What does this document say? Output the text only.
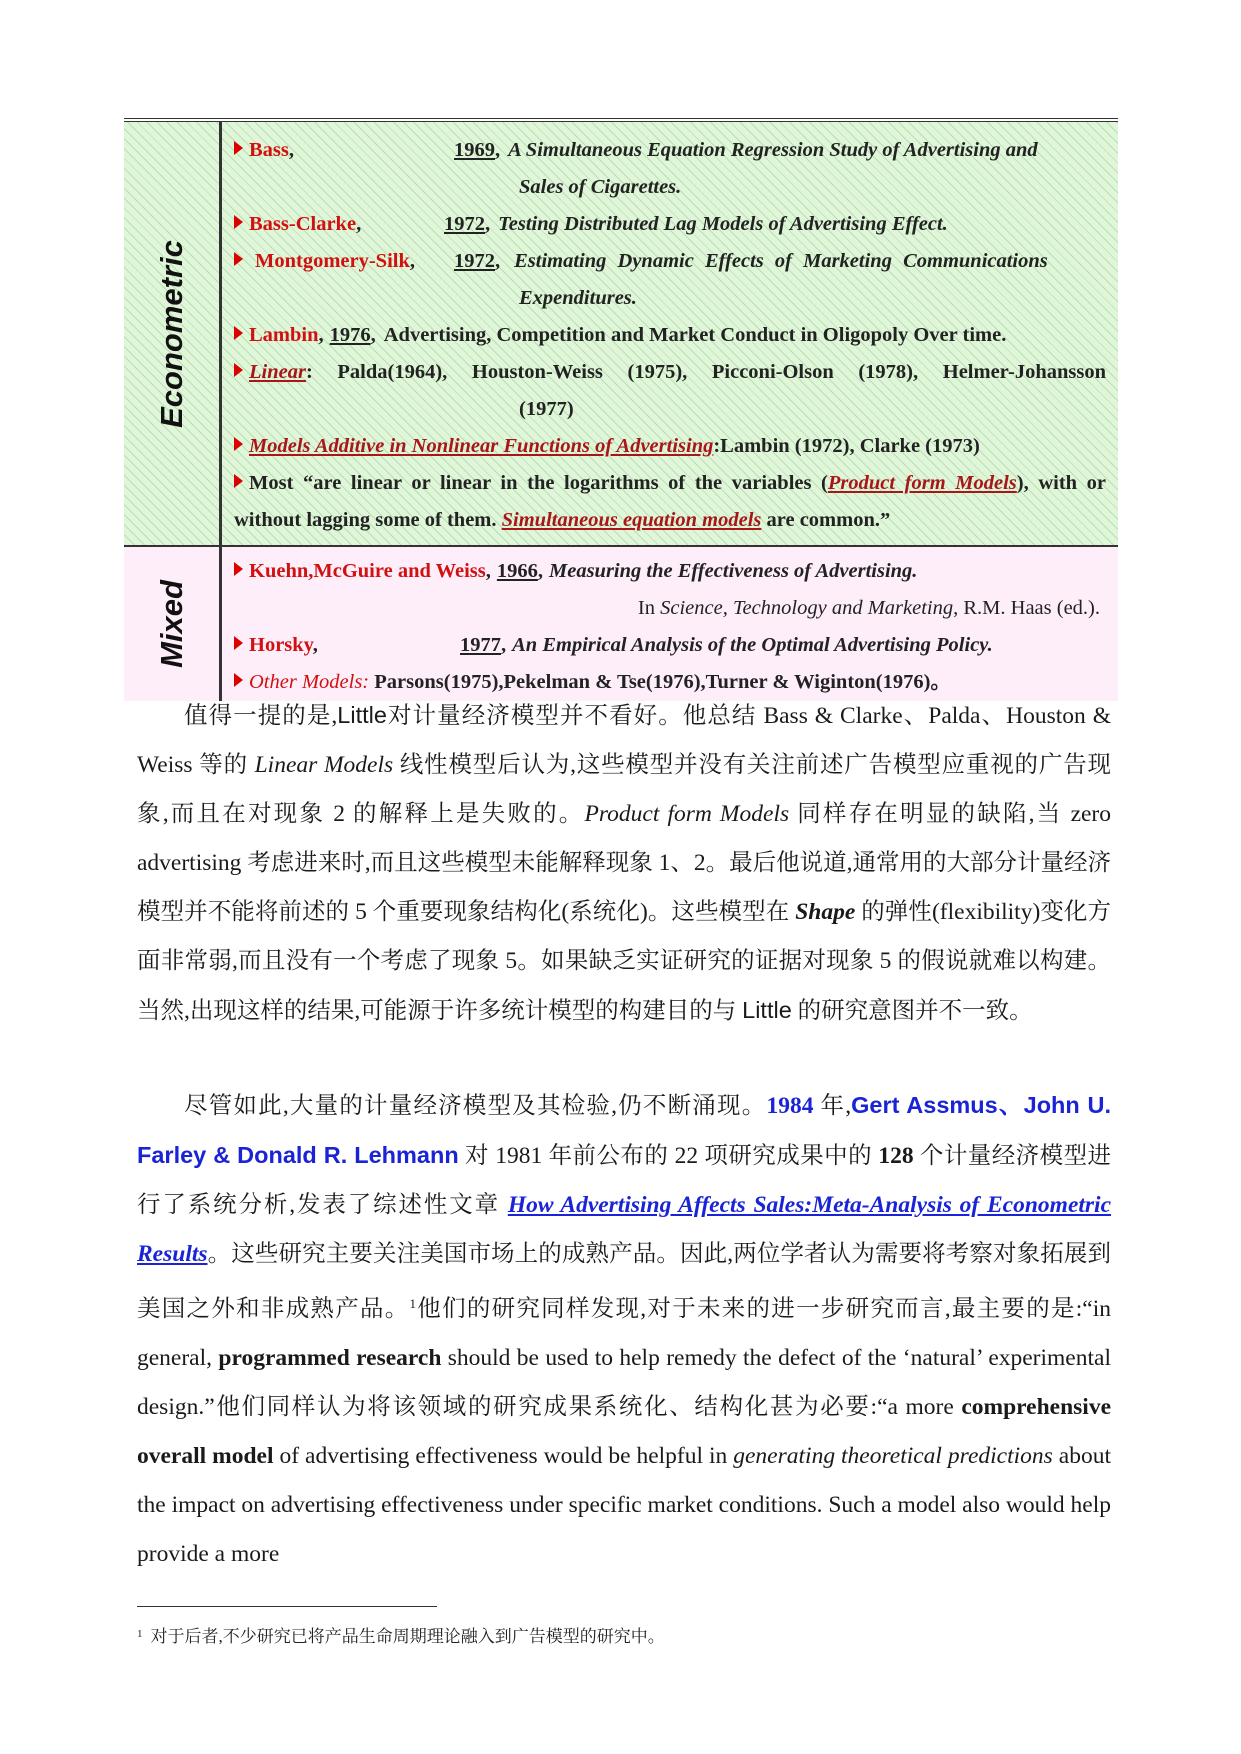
Econometric
Bass,	1969, A Simultaneous Equation Regression Study of Advertising and
Sales of Cigarettes.
Bass-Clarke,	1972, Testing Distributed Lag Models of Advertising Effect.
Montgomery-Silk, 1972, Estimating Dynamic Effects of Marketing Communications
Expenditures.
Lambin, 1976, Advertising, Competition and Market Conduct in Oligopoly Over time.
Linear: Palda(1964), Houston-Weiss (1975), Picconi-Olson (1978), Helmer-Johansson
(1977)
Models Additive in Nonlinear Functions of Advertising:Lambin (1972), Clarke (1973)
Most “are linear or linear in the logarithms of the variables (Product form Models), with or
without lagging some of them. Simultaneous equation models are common.”
Mixed
Kuehn,McGuire and Weiss, 1966, Measuring the Effectiveness of Advertising.
In Science, Technology and Marketing, R.M. Haas (ed.).
Horsky,	1977, An Empirical Analysis of the Optimal Advertising Policy.
Other Models: Parsons(1975),Pekelman & Tse(1976),Turner & Wiginton(1976)。
值得一提的是,Little对计量经济模型并不看好。他总结 Bass & Clarke、Palda、Houston & Weiss 等的 Linear Models 线性模型后认为,这些模型并没有关注前述广告模型应重视的广告现象,而且在对现象 2 的解释上是失败的。Product form Models 同样存在明显的缺陷,当 zero advertising 考虑进来时,而且这些模型未能解释现象 1、2。最后他说道,通常用的大部分计量经济模型并不能将前述的 5 个重要现象结构化(系统化)。这些模型在 Shape 的弹性(flexibility)变化方面非常弱,而且没有一个考虑了现象 5。如果缺乏实证研究的证据对现象 5 的假说就难以构建。当然,出现这样的结果,可能源于许多统计模型的构建目的与 Little 的研究意图并不一致。
尽管如此,大量的计量经济模型及其检验,仍不断涌现。1984 年,Gert Assmus、John U. Farley & Donald R. Lehmann 对 1981 年前公布的 22 项研究成果中的 128 个计量经济模型进行了系统分析,发表了综述性文章 How Advertising Affects Sales:Meta-Analysis of Econometric Results。这些研究主要关注美国市场上的成熟产品。因此,两位学者认为需要将考察对象拓展到美国之外和非成熟产品。$^1$他们的研究同样发现,对于未来的进一步研究而言,最主要的是:“in general, programmed research should be used to help remedy the defect of the ‘natural’ experimental design.”他们同样认为将该领域的研究成果系统化、结构化甚为必要:“a more comprehensive overall model of advertising effectiveness would be helpful in generating theoretical predictions about the impact on advertising effectiveness under specific market conditions. Such a model also would help provide a more
$^1$ 对于后者,不少研究已将产品生命周期理论融入到广告模型的研究中。
